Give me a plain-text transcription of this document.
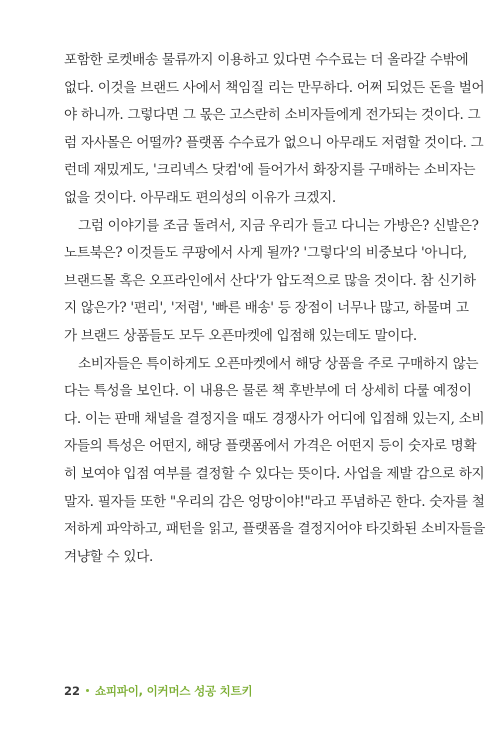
포함한 로켓배송 물류까지 이용하고 있다면 수수료는 더 올라갈 수밖에
없다. 이것을 브랜드 사에서 책임질 리는 만무하다. 어쩌 되었든 돈을 벌어
야 하니까. 그렇다면 그 몫은 고스란히 소비자들에게 전가되는 것이다. 그
럼 자사몰은 어떨까? 플랫폼 수수료가 없으니 아무래도 저렴할 것이다. 그
런데 재밌게도, '크리넥스 닷컴'에 들어가서 화장지를 구매하는 소비자는
없을 것이다. 아무래도 편의성의 이유가 크겠지.
그럼 이야기를 조금 돌려서, 지금 우리가 들고 다니는 가방은? 신발은?
노트북은? 이것들도 쿠팡에서 사게 될까? '그렇다'의 비중보다 '아니다,
브랜드몰 혹은 오프라인에서 산다'가 압도적으로 많을 것이다. 참 신기하
지 않은가? '편리', '저렴', '빠른 배송' 등 장점이 너무나 많고, 하물며 고
가 브랜드 상품들도 모두 오픈마켓에 입점해 있는데도 말이다.
소비자들은 특이하게도 오픈마켓에서 해당 상품을 주로 구매하지 않는
다는 특성을 보인다. 이 내용은 물론 책 후반부에 더 상세히 다룰 예정이
다. 이는 판매 채널을 결정지을 때도 경쟁사가 어디에 입점해 있는지, 소비
자들의 특성은 어떤지, 해당 플랫폼에서 가격은 어떤지 등이 숫자로 명확
히 보여야 입점 여부를 결정할 수 있다는 뜻이다. 사업을 제발 감으로 하지
말자. 필자들 또한 "우리의 감은 엉망이야!"라고 푸념하곤 한다. 숫자를 철
저하게 파악하고, 패턴을 읽고, 플랫폼을 결정지어야 타깃화된 소비자들을
겨냥할 수 있다.
22 쇼피파이, 이커머스 성공 치트키
